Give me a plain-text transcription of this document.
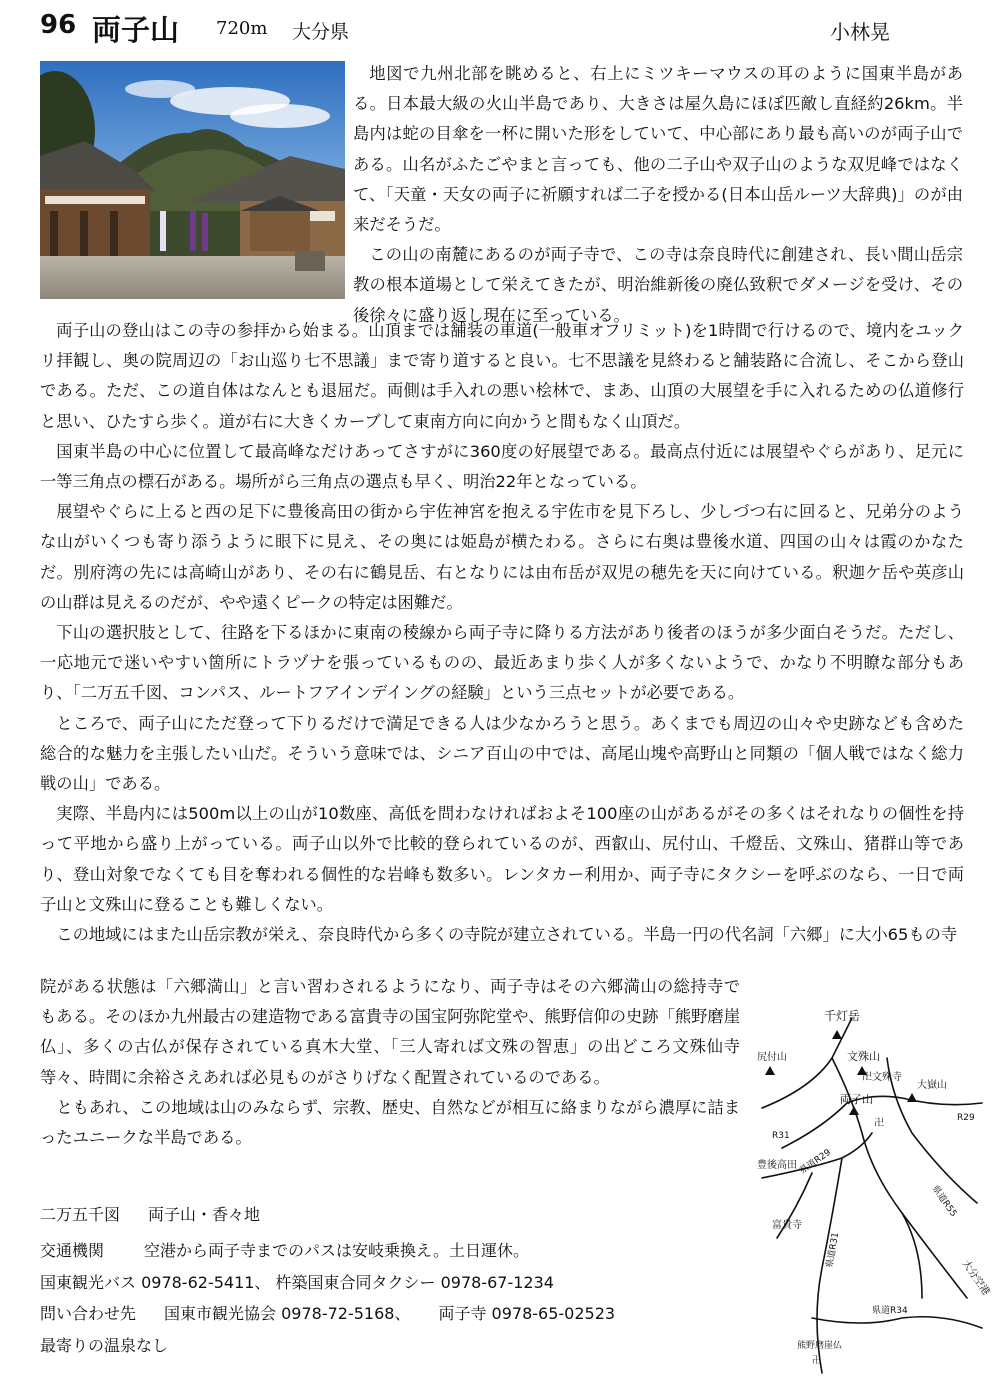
96 両子山 720m 大分県	小林晃
地図で九州北部を眺めると、右上にミツキーマウスの耳のように国東半島がある。日本最大級の火山半島であり、大きさは屋久島にほぼ匹敵し直経約26km。半島内は蛇の目傘を一杯に開いた形をしていて、中心部にあり最も高いのが両子山である。山名がふたごやまと言っても、他の二子山や双子山のような双児峰ではなくて、「天童・天女の両子に祈願すれば二子を授かる(日本山岳ルーツ大辞典)」のが由来だそうだ。
この山の南麓にあるのが両子寺で、この寺は奈良時代に創建され、長い間山岳宗教の根本道場として栄えてきたが、明治維新後の廃仏致釈でダメージを受け、その後徐々に盛り返し現在に至っている。
両子山の登山はこの寺の参拝から始まる。山頂までは舗装の車道(一般車オフリミット)を1時間で行けるので、境内をユックリ拝観し、奥の院周辺の「お山巡り七不思議」まで寄り道すると良い。七不思議を見終わると舗装路に合流し、そこから登山である。ただ、この道自体はなんとも退屈だ。両側は手入れの悪い桧林で、まあ、山頂の大展望を手に入れるための仏道修行と思い、ひたすら歩く。道が右に大きくカーブして東南方向に向かうと間もなく山頂だ。
国東半島の中心に位置して最高峰なだけあってさすがに360度の好展望である。最高点付近には展望やぐらがあり、足元に一等三角点の標石がある。場所がら三角点の選点も早く、明治22年となっている。
展望やぐらに上ると西の足下に豊後高田の街から宇佐神宮を抱える宇佐市を見下ろし、少しづつ右に回ると、兄弟分のような山がいくつも寄り添うように眼下に見え、その奥には姫島が横たわる。さらに右奥は豊後水道、四国の山々は霞のかなただ。別府湾の先には高崎山があり、その右に鶴見岳、右となりには由布岳が双児の穂先を天に向けている。釈迦ケ岳や英彦山の山群は見えるのだが、やや遠くピークの特定は困難だ。
下山の選択肢として、往路を下るほかに東南の稜線から両子寺に降りる方法があり後者のほうが多少面白そうだ。ただし、一応地元で迷いやすい箇所にトラヅナを張っているものの、最近あまり歩く人が多くないようで、かなり不明瞭な部分もあり、「二万五千図、コンパス、ルートフアインデイングの経験」という三点セットが必要である。
ところで、両子山にただ登って下りるだけで満足できる人は少なかろうと思う。あくまでも周辺の山々や史跡なども含めた総合的な魅力を主張したい山だ。そういう意味では、シニア百山の中では、高尾山塊や高野山と同類の「個人戦ではなく総力戦の山」である。
実際、半島内には500m以上の山が10数座、高低を問わなければおよそ100座の山があるがその多くはそれなりの個性を持って平地から盛り上がっている。両子山以外で比較的登られているのが、西叡山、尻付山、千燈岳、文殊山、猪群山等であり、登山対象でなくても目を奪われる個性的な岩峰も数多い。レンタカー利用か、両子寺にタクシーを呼ぶのなら、一日で両子山と文殊山に登ることも難しくない。
この地域にはまた山岳宗教が栄え、奈良時代から多くの寺院が建立されている。半島一円の代名詞「六郷」に大小65もの寺
院がある状態は「六郷満山」と言い習わされるようになり、両子寺はその六郷満山の総持寺でもある。そのほか九州最古の建造物である富貴寺の国宝阿弥陀堂や、熊野信仰の史跡「熊野磨崖仏」、多くの古仏が保存されている真木大堂、「三人寄れば文殊の智恵」の出どころ文殊仙寺等々、時間に余裕さえあれば必見ものがさりげなく配置されているのである。
ともあれ、この地域は山のみならず、宗教、歴史、自然などが相互に絡まりながら濃厚に詰まったユニークな半島である。
二万五千図 両子山・香々地
交通機関	空港から両子寺までのパスは安岐乗換え。土日運休。
国東観光バス 0978-62-5411、 杵築国東合同タクシー 0978-67-1234
問い合わせ先 国東市観光協会 0978-72-5168、 両子寺 0978-65-02523
最寄りの温泉なし
千灯岳
尻付山	文殊山
卍文殊寺
大嶽山
両子山
卍	R29
県道R29
豊後高田
R31
富貴寺
県道R31
県道R55
大分空港
県道R34
熊野磨崖仏
卍
